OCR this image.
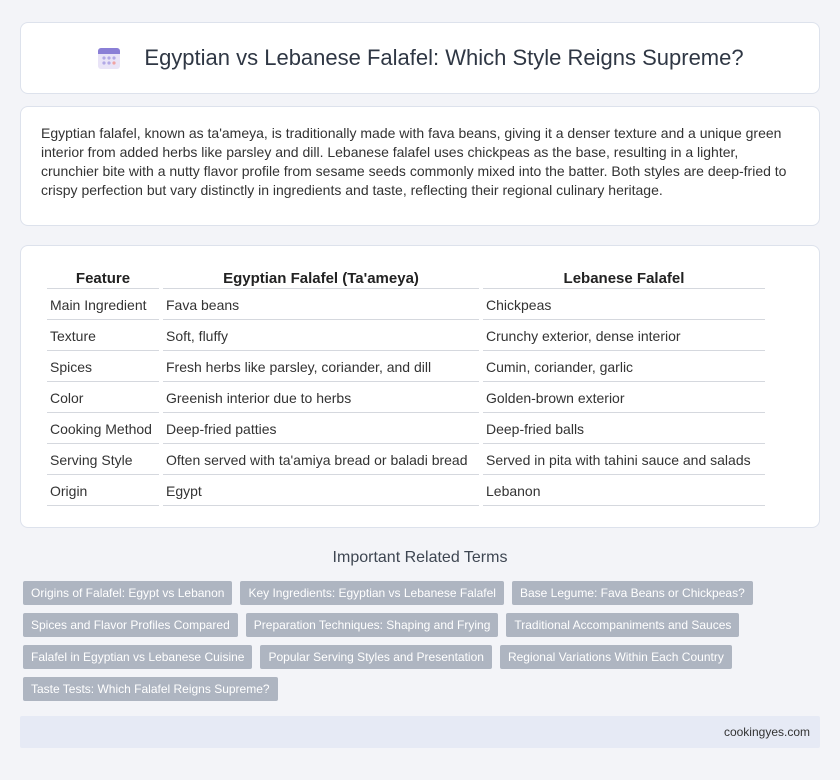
Egyptian vs Lebanese Falafel: Which Style Reigns Supreme?

Egyptian falafel, known as ta'ameya, is traditionally made with fava beans, giving it a denser texture and a unique green interior from added herbs like parsley and dill. Lebanese falafel uses chickpeas as the base, resulting in a lighter, crunchier bite with a nutty flavor profile from sesame seeds commonly mixed into the batter. Both styles are deep-fried to crispy perfection but vary distinctly in ingredients and taste, reflecting their regional culinary heritage.

Feature	Egyptian Falafel (Ta'ameya)	Lebanese Falafel
Main Ingredient	Fava beans	Chickpeas
Texture	Soft, fluffy	Crunchy exterior, dense interior
Spices	Fresh herbs like parsley, coriander, and dill	Cumin, coriander, garlic
Color	Greenish interior due to herbs	Golden-brown exterior
Cooking Method	Deep-fried patties	Deep-fried balls
Serving Style	Often served with ta'amiya bread or baladi bread	Served in pita with tahini sauce and salads
Origin	Egypt	Lebanon
Important Related Terms
Origins of Falafel: Egypt vs Lebanon	Key Ingredients: Egyptian vs Lebanese Falafel	Base Legume: Fava Beans or Chickpeas?
Spices and Flavor Profiles Compared	Preparation Techniques: Shaping and Frying	Traditional Accompaniments and Sauces
Falafel in Egyptian vs Lebanese Cuisine	Popular Serving Styles and Presentation	Regional Variations Within Each Country
Taste Tests: Which Falafel Reigns Supreme?
cookingyes.com
